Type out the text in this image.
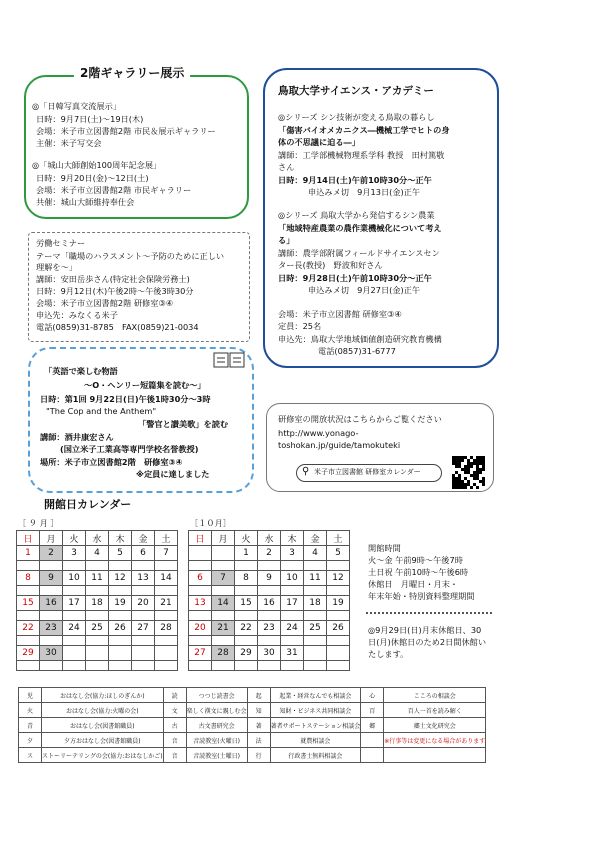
2階ギャラリー展示
◎「日韓写真交流展示」
日時：9月7日(土)～19日(木)
会場：米子市立図書館2階 市民＆展示ギャラリー
主催：米子写交会
◎「城山大師創始100周年記念展」
日時：9月20日(金)～12日(土)
会場：米子市立図書館2階 市民ギャラリー
共催：城山大師維持奉仕会
鳥取大学サイエンス・アカデミー
◎シリーズ シン技術が変える鳥取の暮らし
「傷害バイオメカニクス―機械工学でヒトの身
体の不思議に迫る―」
講師：工学部機械物理系学科 教授　田村篤敬
さん
日時：9月14日(土)午前10時30分～正午
申込みメ切　9月13日(金)正午
◎シリーズ 鳥取大学から発信するシン農業
「地域特産農業の農作業機械化について考え
る」
講師：農学部附属フィールドサイエンスセン
ター長(教授)　野波和好さん
日時：9月28日(土)午前10時30分～正午
申込みメ切　9月27日(金)正午
会場：米子市立図書館 研修室③④
定員：25名
申込先：鳥取大学地域価値創造研究教育機構
電話(0857)31-6777
労働セミナー
テーマ「職場のハラスメント～予防のために正しい
理解を～」
講師：安田岳歩さん(特定社会保険労務士)
日時：9月12日(木)午後2時～午後3時30分
会場：米子市立図書館2階 研修室③④
申込先：みなくる米子
電話(0859)31-8785　FAX(0859)21-0034
「英語で楽しむ物語
～O・ヘンリー短篇集を読む～」
日時：第1回 9月22日(日)午後1時30分～3時
"The Cop and the Anthem"
「警官と讃美歌」を読む
講師：酒井康宏さん
(国立米子工業高等専門学校名誉教授)
場所：米子市立図書館2階　研修室③④
※定員に達しました
研修室の開放状況はこちらからご覧ください
http://www.yonago-
toshokan.jp/guide/tamokuteki
⚲ 米子市立図書館 研修室カレンダー
開館日カレンダー
［ ９ 月 ］	［１０月］
日	月	火	水	木	金	土
1	2	3	4	5	6	7

8	9	10	11	12	13	14

15	16	17	18	19	20	21

22	23	24	25	26	27	28

29	30					

日	月	火	水	木	金	土
		1	2	3	4	5

6	7	8	9	10	11	12

13	14	15	16	17	18	19

20	21	22	23	24	25	26

27	28	29	30	31		

開館時間
火～金 午前9時～午後7時
土日祝 午前10時～午後6時
休館日　月曜日・月末・
年末年始・特別資料整理期間
◎9月29日(日)月末休館日、30
日(月)休館日のため2日間休館い
たします。
児	おはなし会(協力:ほしのぎんか)	読	つつじ読書会	起	起業・経営なんでも相談会	心	こころの相談会
火	おはなし会(協力:火曜の会)	文	楽しく漢文に親しむ会	知	知財・ビジネス共同相談会	百	百人一首を読み解く
青	おはなし会(図書館職員)	古	古文書研究会	著	著者サポートステーション相談会	郷	郷土文化研究会
夕	夕方おはなし会(図書館職員)	音	音読教室(火曜日)	法	就農相談会		※行事等は変更になる場合があります
ス	ストーリーテリングの会(協力:おはなしかご)	音	音読教室(土曜日)	行	行政書士無料相談会		
